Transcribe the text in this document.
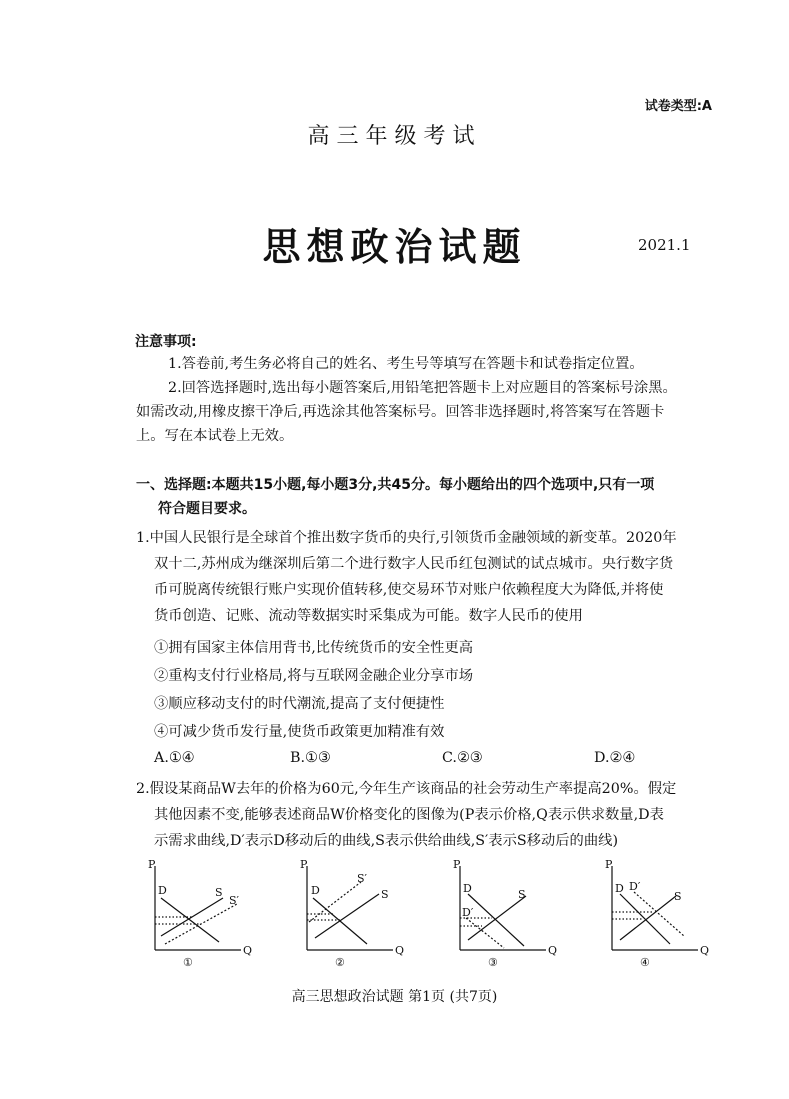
试卷类型:A
高三年级考试
思想政治试题	2021.1
注意事项:
1.答卷前,考生务必将自己的姓名、考生号等填写在答题卡和试卷指定位置。
2.回答选择题时,选出每小题答案后,用铅笔把答题卡上对应题目的答案标号涂黑。
如需改动,用橡皮擦干净后,再选涂其他答案标号。回答非选择题时,将答案写在答题卡
上。写在本试卷上无效。
一、选择题:本题共15小题,每小题3分,共45分。每小题给出的四个选项中,只有一项
符合题目要求。
1.中国人民银行是全球首个推出数字货币的央行,引领货币金融领域的新变革。2020年
双十二,苏州成为继深圳后第二个进行数字人民币红包测试的试点城市。央行数字货
币可脱离传统银行账户实现价值转移,使交易环节对账户依赖程度大为降低,并将使
货币创造、记账、流动等数据实时采集成为可能。数字人民币的使用
①拥有国家主体信用背书,比传统货币的安全性更高
②重构支付行业格局,将与互联网金融企业分享市场
③顺应移动支付的时代潮流,提高了支付便捷性
④可减少货币发行量,使货币政策更加精准有效
A.①④	B.①③	C.②③	D.②④
2.假设某商品W去年的价格为60元,今年生产该商品的社会劳动生产率提高20%。假定
其他因素不变,能够表述商品W价格变化的图像为(P表示价格,Q表示供求数量,D表
示需求曲线,D′表示D移动后的曲线,S表示供给曲线,S′表示S移动后的曲线)
P
Q
D	S
S′
①
P
Q
D	S
S′
②
P
Q
D	S
D′
③
P
Q
D
S
D′
④
高三思想政治试题 第1页 (共7页)
